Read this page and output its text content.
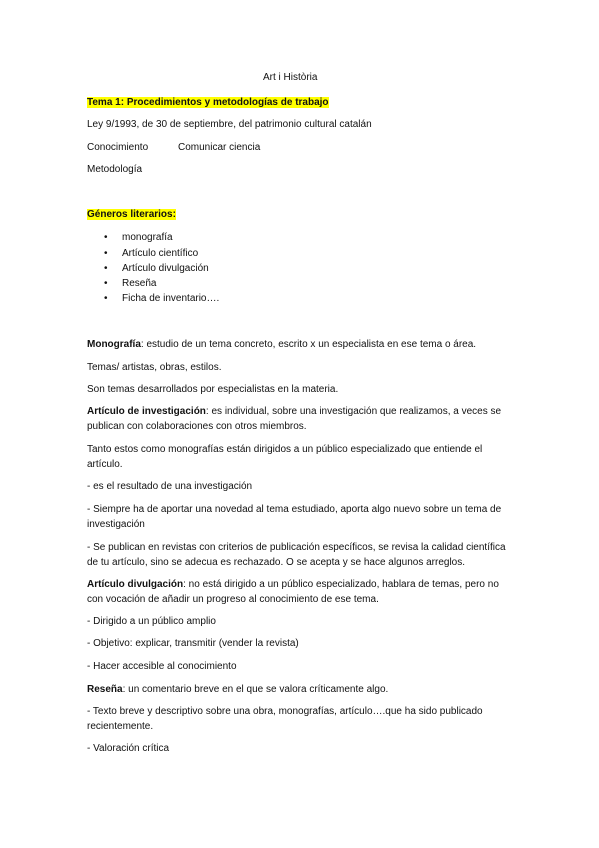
Art i Història
Tema 1: Procedimientos y metodologías de trabajo
Ley 9/1993, de 30 de septiembre, del patrimonio cultural catalán
Conocimiento	Comunicar ciencia
Metodología
Géneros literarios:
• monografía
• Artículo científico
• Artículo divulgación
• Reseña
• Ficha de inventario….
Monografía: estudio de un tema concreto, escrito x un especialista en ese tema o área.
Temas/ artistas, obras, estilos.
Son temas desarrollados por especialistas en la materia.
Artículo de investigación: es individual, sobre una investigación que realizamos, a veces se publican con colaboraciones con otros miembros.
Tanto estos como monografías están dirigidos a un público especializado que entiende el artículo.
- es el resultado de una investigación
- Siempre ha de aportar una novedad al tema estudiado, aporta algo nuevo sobre un tema de investigación
- Se publican en revistas con criterios de publicación específicos, se revisa la calidad científica de tu artículo, sino se adecua es rechazado. O se acepta y se hace algunos arreglos.
Artículo divulgación: no está dirigido a un público especializado, hablara de temas, pero no con vocación de añadir un progreso al conocimiento de ese tema.
- Dirigido a un público amplio
- Objetivo: explicar, transmitir (vender la revista)
- Hacer accesible al conocimiento
Reseña: un comentario breve en el que se valora críticamente algo.
- Texto breve y descriptivo sobre una obra, monografías, artículo….que ha sido publicado recientemente.
- Valoración crítica
